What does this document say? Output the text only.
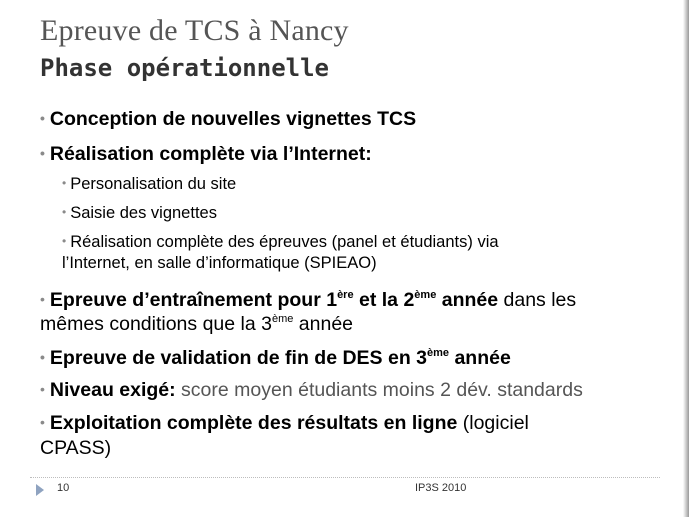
Epreuve de TCS à Nancy
Phase opérationnelle
• Conception de nouvelles vignettes TCS
• Réalisation complète via l’Internet:
• Personalisation du site
• Saisie des vignettes
• Réalisation complète des épreuves (panel et étudiants) via
l’Internet, en salle d’informatique (SPIEAO)
• Epreuve d’entraînement pour 1ère et la 2ème année dans les
mêmes conditions que la 3ème année
• Epreuve de validation de fin de DES en 3ème année
• Niveau exigé: score moyen étudiants moins 2 dév. standards
• Exploitation complète des résultats en ligne (logiciel
CPASS)
10	IP3S 2010
